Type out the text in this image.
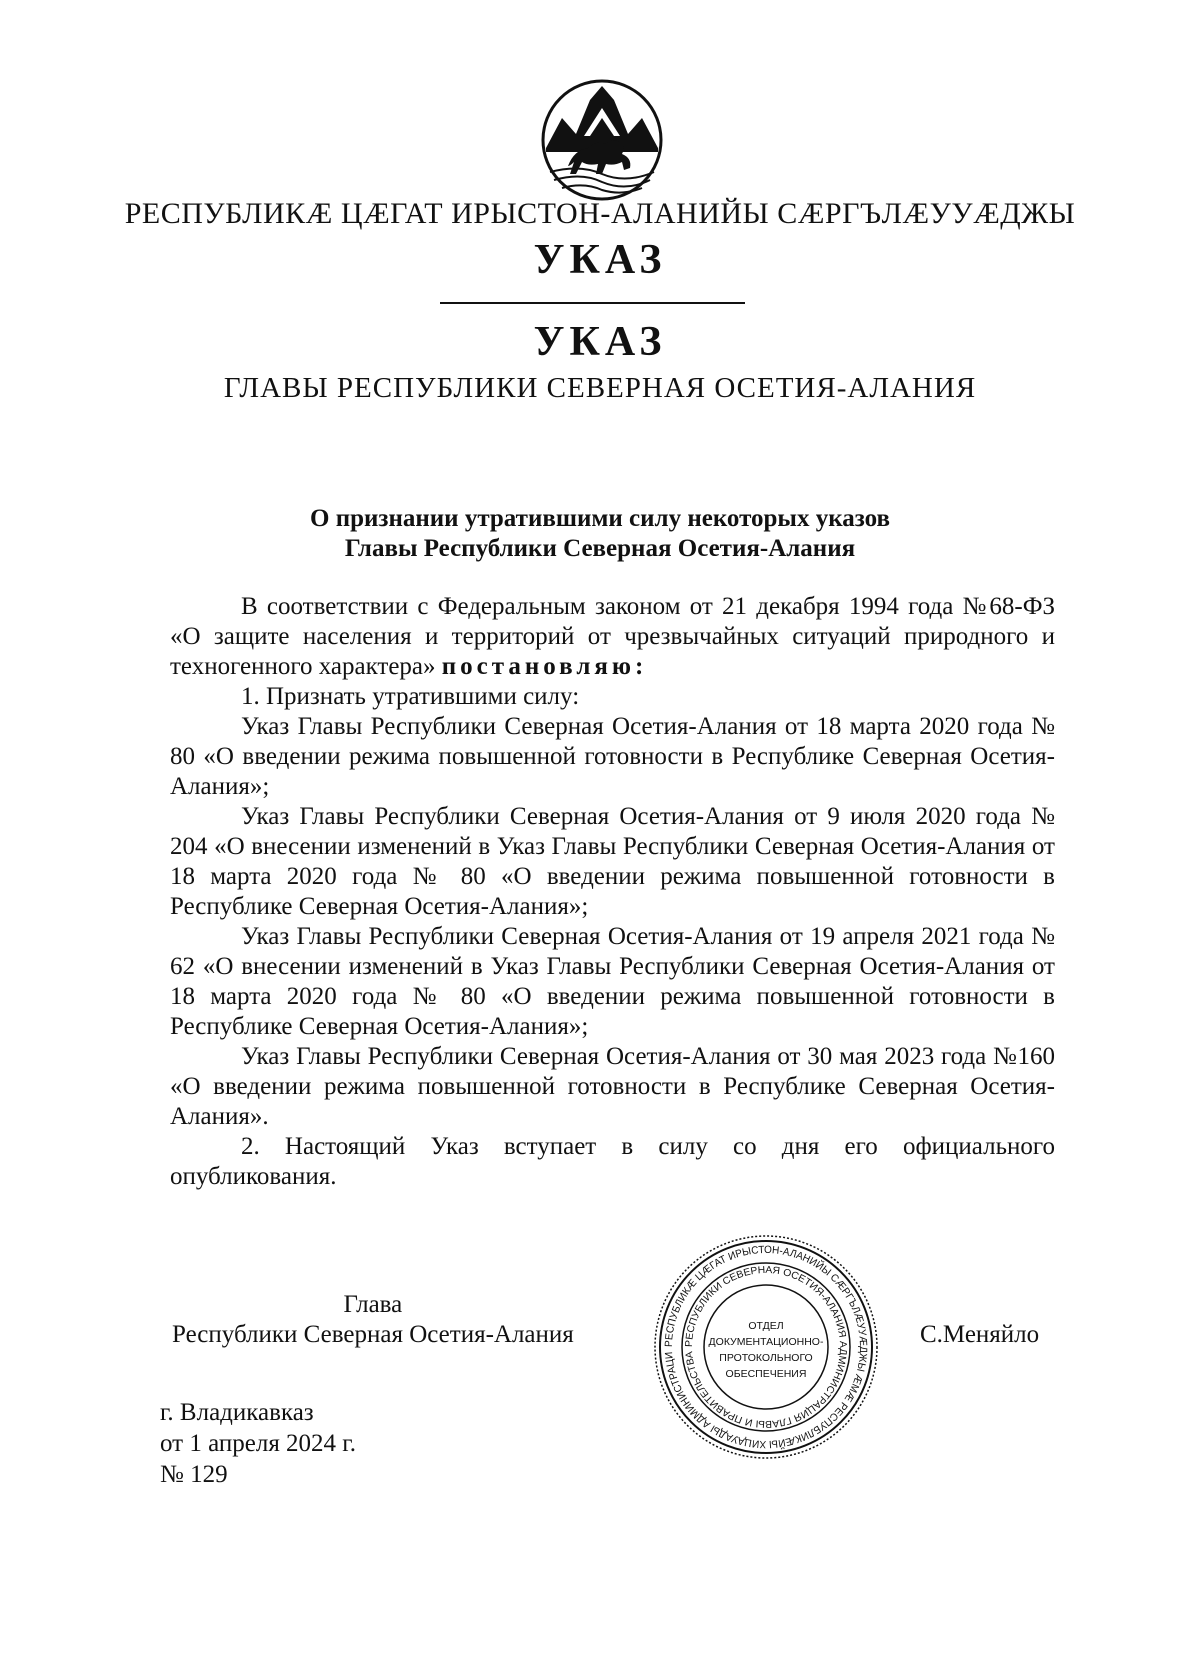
РЕСПУБЛИКӔ ЦӔГАТ ИРЫСТОН-АЛАНИЙЫ СӔРГЪЛӔУУӔДЖЫ
УКАЗ
УКАЗ
ГЛАВЫ РЕСПУБЛИКИ СЕВЕРНАЯ ОСЕТИЯ-АЛАНИЯ
О признании утратившими силу некоторых указов
Главы Республики Северная Осетия-Алания
В соответствии с Федеральным законом от 21 декабря 1994 года №68-ФЗ «О защите населения и территорий от чрезвычайных ситуаций природного и техногенного характера» постановляю:
1. Признать утратившими силу:
Указ Главы Республики Северная Осетия-Алания от 18 марта 2020 года № 80 «О введении режима повышенной готовности в Республике Северная Осетия-Алания»;
Указ Главы Республики Северная Осетия-Алания от 9 июля 2020 года № 204 «О внесении изменений в Указ Главы Республики Северная Осетия-Алания от 18 марта 2020 года № 80 «О введении режима повышенной готовности в Республике Северная Осетия-Алания»;
Указ Главы Республики Северная Осетия-Алания от 19 апреля 2021 года № 62 «О внесении изменений в Указ Главы Республики Северная Осетия-Алания от 18 марта 2020 года № 80 «О введении режима повышенной готовности в Республике Северная Осетия-Алания»;
Указ Главы Республики Северная Осетия-Алания от 30 мая 2023 года №160 «О введении режима повышенной готовности в Республике Северная Осетия-Алания».
2. Настоящий Указ вступает в силу со дня его официального опубликования.
Глава
Республики Северная Осетия-Алания	РЕСПУБЛИКӔ ЦӔГАТ ИРЫСТОН-АЛАНИЙЫ СӔРГЪЛӔУУӔДЖЫ ӔМӔ РЕСПУБЛИКӔЙЫ ХИЦАУАДЫ АДМИНИСТРАЦИ
РЕСПУБЛИКИ СЕВЕРНАЯ ОСЕТИЯ-АЛАНИЯ АДМИНИСТРАЦИЯ ГЛАВЫ И ПРАВИТЕЛЬСТВА
ОТДЕЛ
ДОКУМЕНТАЦИОННО-
ПРОТОКОЛЬНОГО
ОБЕСПЕЧЕНИЯ
С.Меняйло
г. Владикавказ
от 1 апреля 2024 г.
№ 129
